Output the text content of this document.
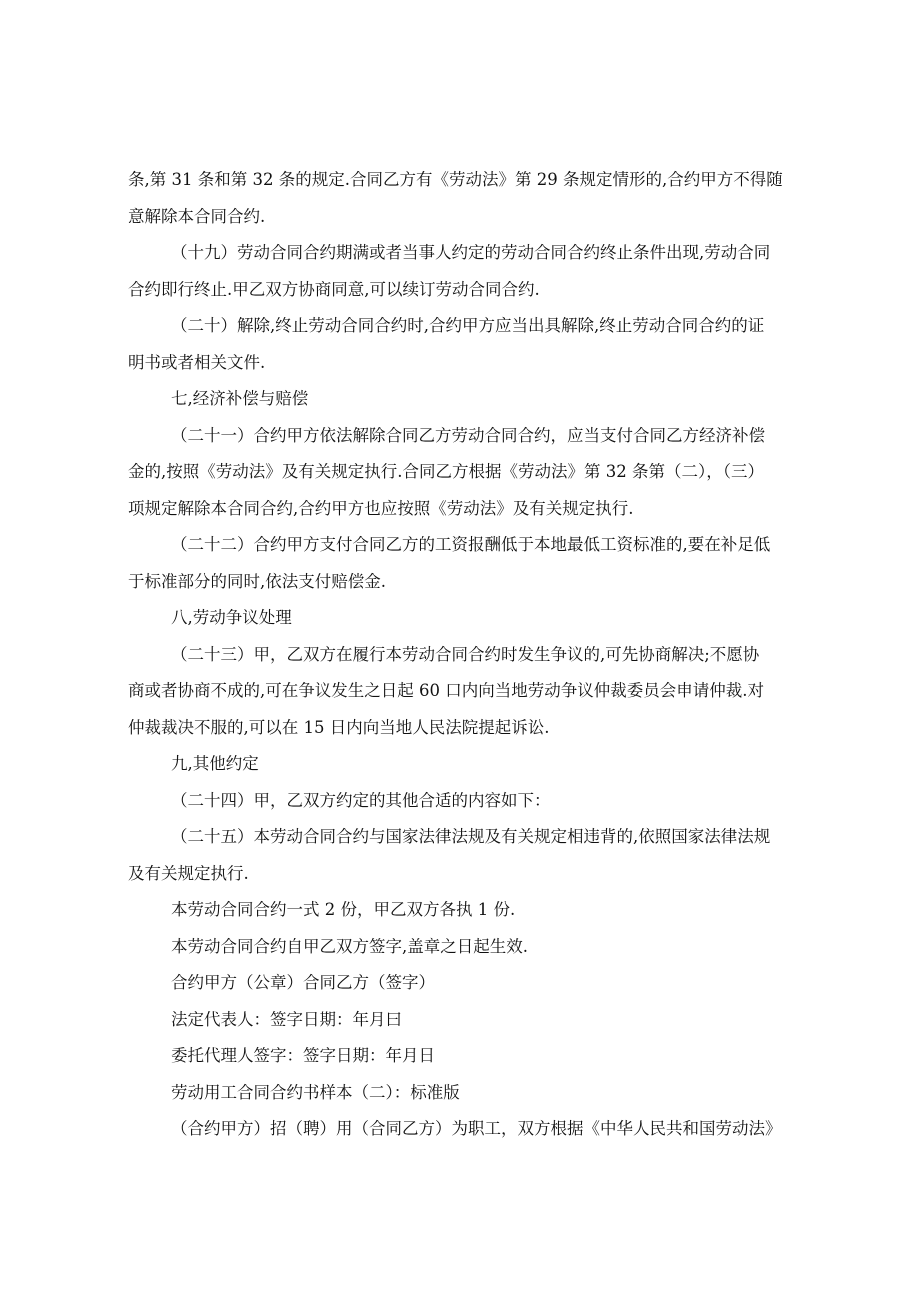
条,第 31 条和第 32 条的规定.合同乙方有《劳动法》第 29 条规定情形的,合约甲方不得随
意解除本合同合约.

（十九）劳动合同合约期满或者当事人约定的劳动合同合约终止条件出现,劳动合同

合约即行终止.甲乙双方协商同意,可以续订劳动合同合约.

（二十）解除,终止劳动合同合约时,合约甲方应当出具解除,终止劳动合同合约的证

明书或者相关文件.

七,经济补偿与赔偿

（二十一）合约甲方依法解除合同乙方劳动合同合约，应当支付合同乙方经济补偿

金的,按照《劳动法》及有关规定执行.合同乙方根据《劳动法》第 32 条第（二），（三）
项规定解除本合同合约,合约甲方也应按照《劳动法》及有关规定执行.

（二十二）合约甲方支付合同乙方的工资报酬低于本地最低工资标准的,要在补足低

于标准部分的同时,依法支付赔偿金.

八,劳动争议处理

（二十三）甲，乙双方在履行本劳动合同合约时发生争议的,可先协商解决;不愿协

商或者协商不成的,可在争议发生之日起 60 口内向当地劳动争议仲裁委员会申请仲裁.对
仲裁裁决不服的,可以在 15 日内向当地人民法院提起诉讼.

九,其他约定

（二十四）甲，乙双方约定的其他合适的内容如下：

（二十五）本劳动合同合约与国家法律法规及有关规定相违背的,依照国家法律法规

及有关规定执行.

本劳动合同合约一式 2 份，甲乙双方各执 1 份.

本劳动合同合约自甲乙双方签字,盖章之日起生效.

合约甲方（公章）合同乙方（签字）

法定代表人：签字日期：年月曰

委托代理人签字：签字日期：年月日

劳动用工合同合约书样本（二）：标准版

（合约甲方）招（聘）用（合同乙方）为职工，双方根据《中华人民共和国劳动法》
